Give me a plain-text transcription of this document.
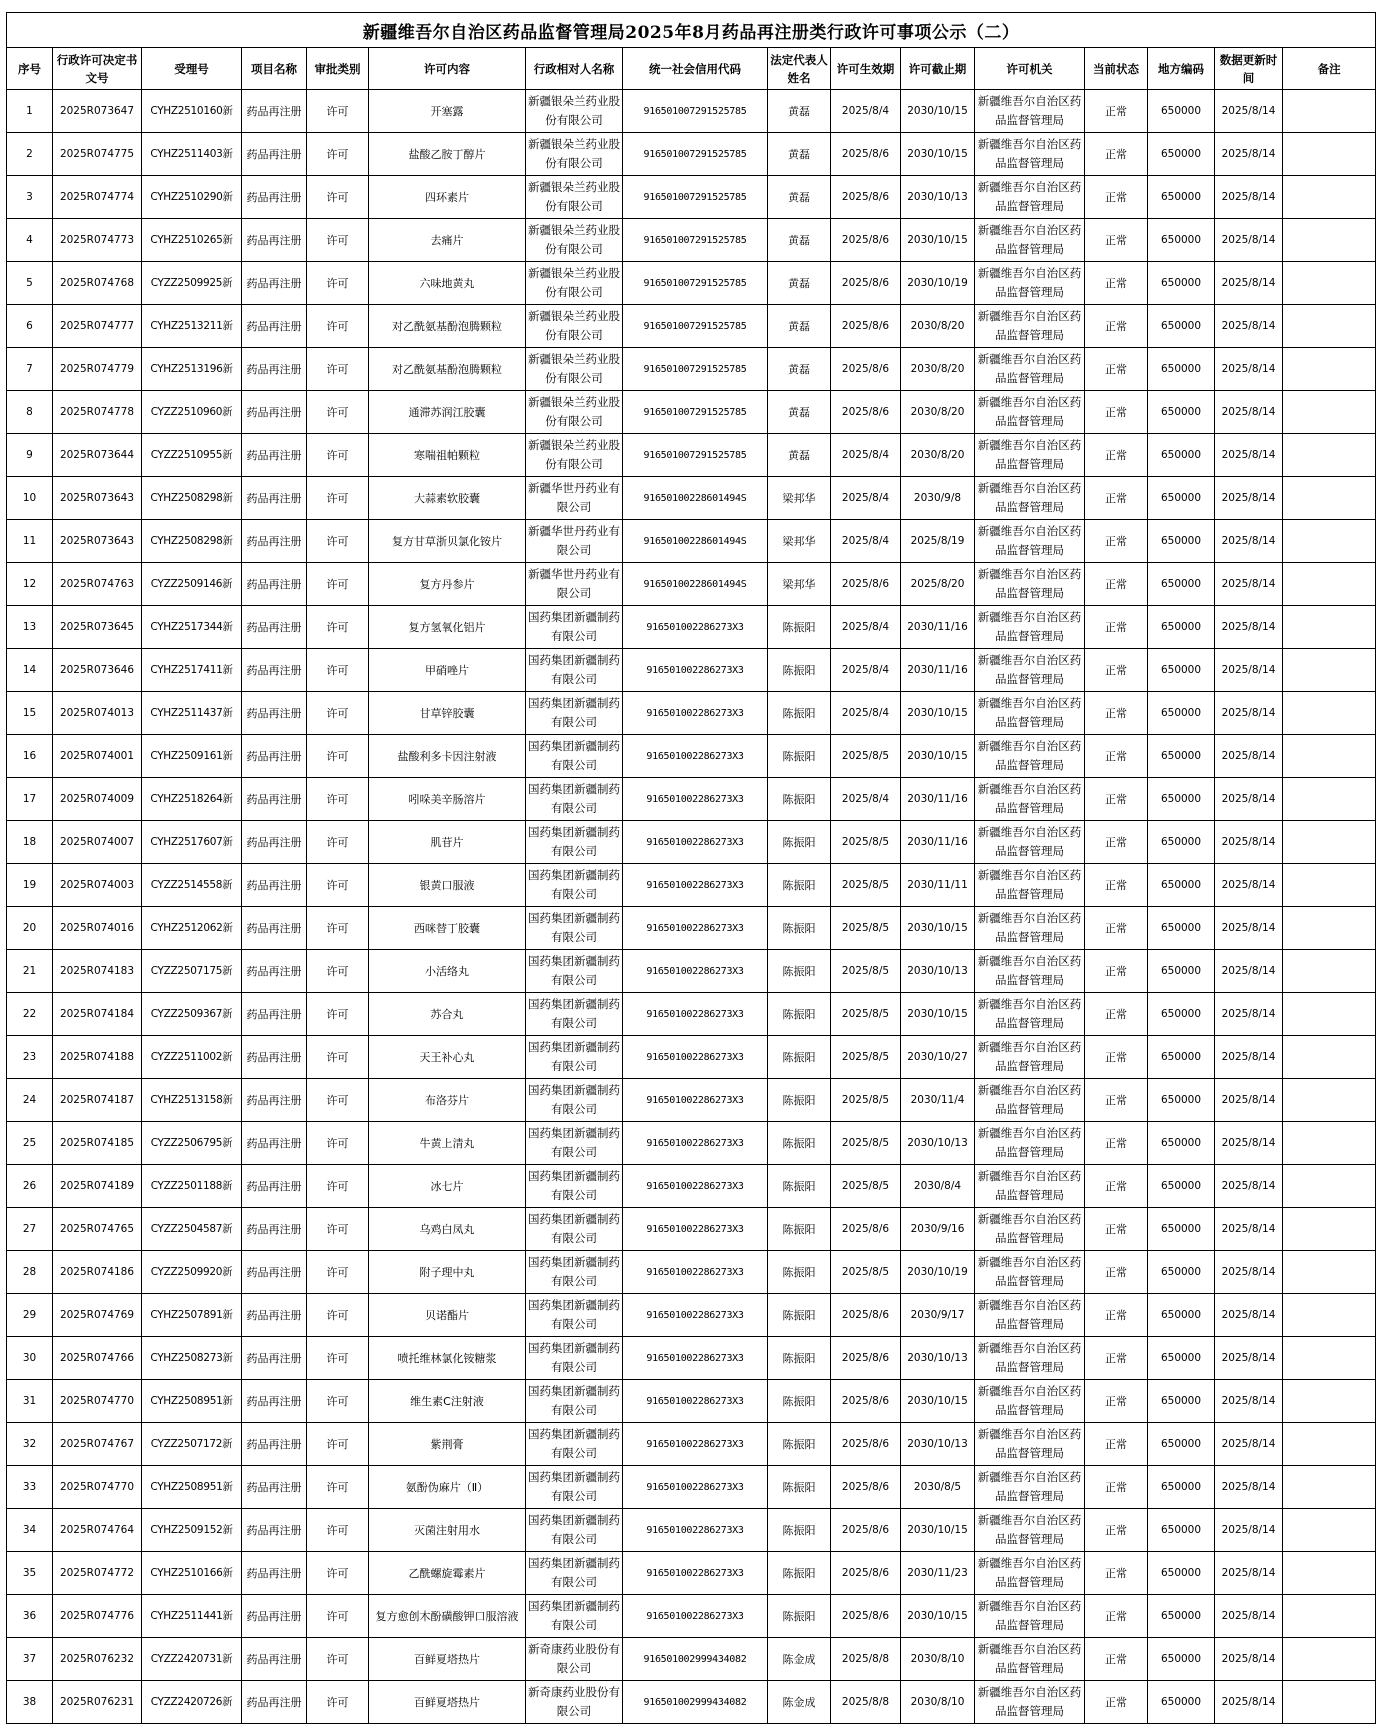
新疆维吾尔自治区药品监督管理局2025年8月药品再注册类行政许可事项公示（二）															
序号	行政许可决定书文号	受理号	项目名称	审批类别	许可内容	行政相对人名称	统一社会信用代码	法定代表人姓名	许可生效期	许可截止期	许可机关	当前状态	地方编码	数据更新时间	备注
1	2025R073647	CYHZ2510160新	药品再注册	许可	开塞露	新疆银朵兰药业股份有限公司	916501007291525785	黄磊	2025/8/4	2030/10/15	新疆维吾尔自治区药品监督管理局	正常	650000	2025/8/14	
2	2025R074775	CYHZ2511403新	药品再注册	许可	盐酸乙胺丁醇片	新疆银朵兰药业股份有限公司	916501007291525785	黄磊	2025/8/6	2030/10/15	新疆维吾尔自治区药品监督管理局	正常	650000	2025/8/14	
3	2025R074774	CYHZ2510290新	药品再注册	许可	四环素片	新疆银朵兰药业股份有限公司	916501007291525785	黄磊	2025/8/6	2030/10/13	新疆维吾尔自治区药品监督管理局	正常	650000	2025/8/14	
4	2025R074773	CYHZ2510265新	药品再注册	许可	去痛片	新疆银朵兰药业股份有限公司	916501007291525785	黄磊	2025/8/6	2030/10/15	新疆维吾尔自治区药品监督管理局	正常	650000	2025/8/14	
5	2025R074768	CYZZ2509925新	药品再注册	许可	六味地黄丸	新疆银朵兰药业股份有限公司	916501007291525785	黄磊	2025/8/6	2030/10/19	新疆维吾尔自治区药品监督管理局	正常	650000	2025/8/14	
6	2025R074777	CYHZ2513211新	药品再注册	许可	对乙酰氨基酚泡腾颗粒	新疆银朵兰药业股份有限公司	916501007291525785	黄磊	2025/8/6	2030/8/20	新疆维吾尔自治区药品监督管理局	正常	650000	2025/8/14	
7	2025R074779	CYHZ2513196新	药品再注册	许可	对乙酰氨基酚泡腾颗粒	新疆银朵兰药业股份有限公司	916501007291525785	黄磊	2025/8/6	2030/8/20	新疆维吾尔自治区药品监督管理局	正常	650000	2025/8/14	
8	2025R074778	CYZZ2510960新	药品再注册	许可	通滞苏润江胶囊	新疆银朵兰药业股份有限公司	916501007291525785	黄磊	2025/8/6	2030/8/20	新疆维吾尔自治区药品监督管理局	正常	650000	2025/8/14	
9	2025R073644	CYZZ2510955新	药品再注册	许可	寒喘祖帕颗粒	新疆银朵兰药业股份有限公司	916501007291525785	黄磊	2025/8/4	2030/8/20	新疆维吾尔自治区药品监督管理局	正常	650000	2025/8/14	
10	2025R073643	CYHZ2508298新	药品再注册	许可	大蒜素软胶囊	新疆华世丹药业有限公司	91650100228601494S	梁邦华	2025/8/4	2030/9/8	新疆维吾尔自治区药品监督管理局	正常	650000	2025/8/14	
11	2025R073643	CYHZ2508298新	药品再注册	许可	复方甘草浙贝氯化铵片	新疆华世丹药业有限公司	91650100228601494S	梁邦华	2025/8/4	2025/8/19	新疆维吾尔自治区药品监督管理局	正常	650000	2025/8/14	
12	2025R074763	CYZZ2509146新	药品再注册	许可	复方丹参片	新疆华世丹药业有限公司	91650100228601494S	梁邦华	2025/8/6	2025/8/20	新疆维吾尔自治区药品监督管理局	正常	650000	2025/8/14	
13	2025R073645	CYHZ2517344新	药品再注册	许可	复方氢氧化铝片	国药集团新疆制药有限公司	916501002286273X3	陈振阳	2025/8/4	2030/11/16	新疆维吾尔自治区药品监督管理局	正常	650000	2025/8/14	
14	2025R073646	CYHZ2517411新	药品再注册	许可	甲硝唑片	国药集团新疆制药有限公司	916501002286273X3	陈振阳	2025/8/4	2030/11/16	新疆维吾尔自治区药品监督管理局	正常	650000	2025/8/14	
15	2025R074013	CYHZ2511437新	药品再注册	许可	甘草锌胶囊	国药集团新疆制药有限公司	916501002286273X3	陈振阳	2025/8/4	2030/10/15	新疆维吾尔自治区药品监督管理局	正常	650000	2025/8/14	
16	2025R074001	CYHZ2509161新	药品再注册	许可	盐酸利多卡因注射液	国药集团新疆制药有限公司	916501002286273X3	陈振阳	2025/8/5	2030/10/15	新疆维吾尔自治区药品监督管理局	正常	650000	2025/8/14	
17	2025R074009	CYHZ2518264新	药品再注册	许可	吲哚美辛肠溶片	国药集团新疆制药有限公司	916501002286273X3	陈振阳	2025/8/4	2030/11/16	新疆维吾尔自治区药品监督管理局	正常	650000	2025/8/14	
18	2025R074007	CYHZ2517607新	药品再注册	许可	肌苷片	国药集团新疆制药有限公司	916501002286273X3	陈振阳	2025/8/5	2030/11/16	新疆维吾尔自治区药品监督管理局	正常	650000	2025/8/14	
19	2025R074003	CYZZ2514558新	药品再注册	许可	银黄口服液	国药集团新疆制药有限公司	916501002286273X3	陈振阳	2025/8/5	2030/11/11	新疆维吾尔自治区药品监督管理局	正常	650000	2025/8/14	
20	2025R074016	CYHZ2512062新	药品再注册	许可	西咪替丁胶囊	国药集团新疆制药有限公司	916501002286273X3	陈振阳	2025/8/5	2030/10/15	新疆维吾尔自治区药品监督管理局	正常	650000	2025/8/14	
21	2025R074183	CYZZ2507175新	药品再注册	许可	小活络丸	国药集团新疆制药有限公司	916501002286273X3	陈振阳	2025/8/5	2030/10/13	新疆维吾尔自治区药品监督管理局	正常	650000	2025/8/14	
22	2025R074184	CYZZ2509367新	药品再注册	许可	苏合丸	国药集团新疆制药有限公司	916501002286273X3	陈振阳	2025/8/5	2030/10/15	新疆维吾尔自治区药品监督管理局	正常	650000	2025/8/14	
23	2025R074188	CYZZ2511002新	药品再注册	许可	天王补心丸	国药集团新疆制药有限公司	916501002286273X3	陈振阳	2025/8/5	2030/10/27	新疆维吾尔自治区药品监督管理局	正常	650000	2025/8/14	
24	2025R074187	CYHZ2513158新	药品再注册	许可	布洛芬片	国药集团新疆制药有限公司	916501002286273X3	陈振阳	2025/8/5	2030/11/4	新疆维吾尔自治区药品监督管理局	正常	650000	2025/8/14	
25	2025R074185	CYZZ2506795新	药品再注册	许可	牛黄上清丸	国药集团新疆制药有限公司	916501002286273X3	陈振阳	2025/8/5	2030/10/13	新疆维吾尔自治区药品监督管理局	正常	650000	2025/8/14	
26	2025R074189	CYZZ2501188新	药品再注册	许可	冰七片	国药集团新疆制药有限公司	916501002286273X3	陈振阳	2025/8/5	2030/8/4	新疆维吾尔自治区药品监督管理局	正常	650000	2025/8/14	
27	2025R074765	CYZZ2504587新	药品再注册	许可	乌鸡白凤丸	国药集团新疆制药有限公司	916501002286273X3	陈振阳	2025/8/6	2030/9/16	新疆维吾尔自治区药品监督管理局	正常	650000	2025/8/14	
28	2025R074186	CYZZ2509920新	药品再注册	许可	附子理中丸	国药集团新疆制药有限公司	916501002286273X3	陈振阳	2025/8/5	2030/10/19	新疆维吾尔自治区药品监督管理局	正常	650000	2025/8/14	
29	2025R074769	CYHZ2507891新	药品再注册	许可	贝诺酯片	国药集团新疆制药有限公司	916501002286273X3	陈振阳	2025/8/6	2030/9/17	新疆维吾尔自治区药品监督管理局	正常	650000	2025/8/14	
30	2025R074766	CYHZ2508273新	药品再注册	许可	喷托维林氯化铵糖浆	国药集团新疆制药有限公司	916501002286273X3	陈振阳	2025/8/6	2030/10/13	新疆维吾尔自治区药品监督管理局	正常	650000	2025/8/14	
31	2025R074770	CYHZ2508951新	药品再注册	许可	维生素C注射液	国药集团新疆制药有限公司	916501002286273X3	陈振阳	2025/8/6	2030/10/15	新疆维吾尔自治区药品监督管理局	正常	650000	2025/8/14	
32	2025R074767	CYZZ2507172新	药品再注册	许可	紫荆膏	国药集团新疆制药有限公司	916501002286273X3	陈振阳	2025/8/6	2030/10/13	新疆维吾尔自治区药品监督管理局	正常	650000	2025/8/14	
33	2025R074770	CYHZ2508951新	药品再注册	许可	氨酚伪麻片（Ⅱ）	国药集团新疆制药有限公司	916501002286273X3	陈振阳	2025/8/6	2030/8/5	新疆维吾尔自治区药品监督管理局	正常	650000	2025/8/14	
34	2025R074764	CYHZ2509152新	药品再注册	许可	灭菌注射用水	国药集团新疆制药有限公司	916501002286273X3	陈振阳	2025/8/6	2030/10/15	新疆维吾尔自治区药品监督管理局	正常	650000	2025/8/14	
35	2025R074772	CYHZ2510166新	药品再注册	许可	乙酰螺旋霉素片	国药集团新疆制药有限公司	916501002286273X3	陈振阳	2025/8/6	2030/11/23	新疆维吾尔自治区药品监督管理局	正常	650000	2025/8/14	
36	2025R074776	CYHZ2511441新	药品再注册	许可	复方愈创木酚磺酸钾口服溶液	国药集团新疆制药有限公司	916501002286273X3	陈振阳	2025/8/6	2030/10/15	新疆维吾尔自治区药品监督管理局	正常	650000	2025/8/14	
37	2025R076232	CYZZ2420731新	药品再注册	许可	百鲜夏塔热片	新奇康药业股份有限公司	916501002999434082	陈金成	2025/8/8	2030/8/10	新疆维吾尔自治区药品监督管理局	正常	650000	2025/8/14	
38	2025R076231	CYZZ2420726新	药品再注册	许可	百鲜夏塔热片	新奇康药业股份有限公司	916501002999434082	陈金成	2025/8/8	2030/8/10	新疆维吾尔自治区药品监督管理局	正常	650000	2025/8/14	
